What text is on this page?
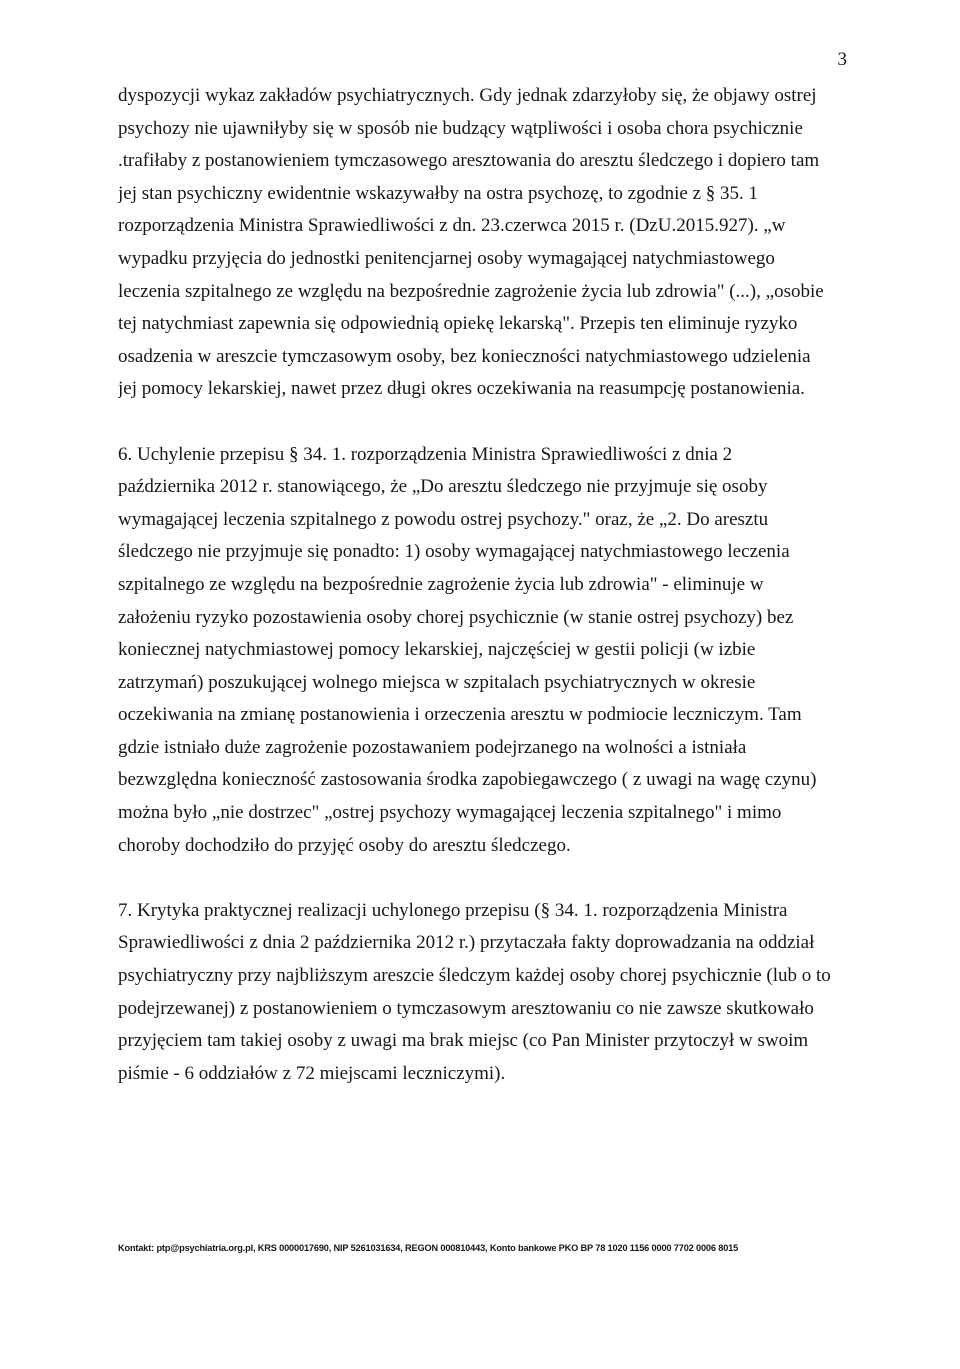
3
dyspozycji wykaz zakładów psychiatrycznych. Gdy jednak zdarzyłoby się, że objawy ostrej
psychozy nie ujawniłyby się w sposób nie budzący wątpliwości i osoba chora psychicznie
.trafiłaby z postanowieniem tymczasowego aresztowania do aresztu śledczego i dopiero tam
jej stan psychiczny ewidentnie wskazywałby na ostra psychozę, to zgodnie z § 35. 1
rozporządzenia Ministra Sprawiedliwości z dn. 23.czerwca 2015 r. (DzU.2015.927). „w
wypadku przyjęcia do jednostki penitencjarnej osoby wymagającej natychmiastowego
leczenia szpitalnego ze względu na bezpośrednie zagrożenie życia lub zdrowia" (...), „osobie
tej natychmiast zapewnia się odpowiednią opiekę lekarską". Przepis ten eliminuje ryzyko
osadzenia w areszcie tymczasowym osoby, bez konieczności natychmiastowego udzielenia
jej pomocy lekarskiej, nawet przez długi okres oczekiwania na reasumpcję postanowienia.
6. Uchylenie przepisu § 34. 1. rozporządzenia Ministra Sprawiedliwości z dnia 2
października 2012 r. stanowiącego, że „Do aresztu śledczego nie przyjmuje się osoby
wymagającej leczenia szpitalnego z powodu ostrej psychozy." oraz, że „2. Do aresztu
śledczego nie przyjmuje się ponadto: 1) osoby wymagającej natychmiastowego leczenia
szpitalnego ze względu na bezpośrednie zagrożenie życia lub zdrowia" - eliminuje w
założeniu ryzyko pozostawienia osoby chorej psychicznie (w stanie ostrej psychozy) bez
koniecznej natychmiastowej pomocy lekarskiej, najczęściej w gestii policji (w izbie
zatrzymań) poszukującej wolnego miejsca w szpitalach psychiatrycznych w okresie
oczekiwania na zmianę postanowienia i orzeczenia aresztu w podmiocie leczniczym. Tam
gdzie istniało duże zagrożenie pozostawaniem podejrzanego na wolności a istniała
bezwzględna konieczność zastosowania środka zapobiegawczego ( z uwagi na wagę czynu)
można było „nie dostrzec" „ostrej psychozy wymagającej leczenia szpitalnego" i mimo
choroby dochodziło do przyjęć osoby do aresztu śledczego.
7. Krytyka praktycznej realizacji uchylonego przepisu (§ 34. 1. rozporządzenia Ministra
Sprawiedliwości z dnia 2 października 2012 r.) przytaczała fakty doprowadzania na oddział
psychiatryczny przy najbliższym areszcie śledczym każdej osoby chorej psychicznie (lub o to
podejrzewanej) z postanowieniem o tymczasowym aresztowaniu co nie zawsze skutkowało
przyjęciem tam takiej osoby z uwagi ma brak miejsc (co Pan Minister przytoczył w swoim
piśmie - 6 oddziałów z 72 miejscami leczniczymi).
Kontakt: ptp@psychiatria.org.pl, KRS 0000017690, NIP 5261031634, REGON 000810443, Konto bankowe PKO BP 78 1020 1156 0000 7702 0006 8015
